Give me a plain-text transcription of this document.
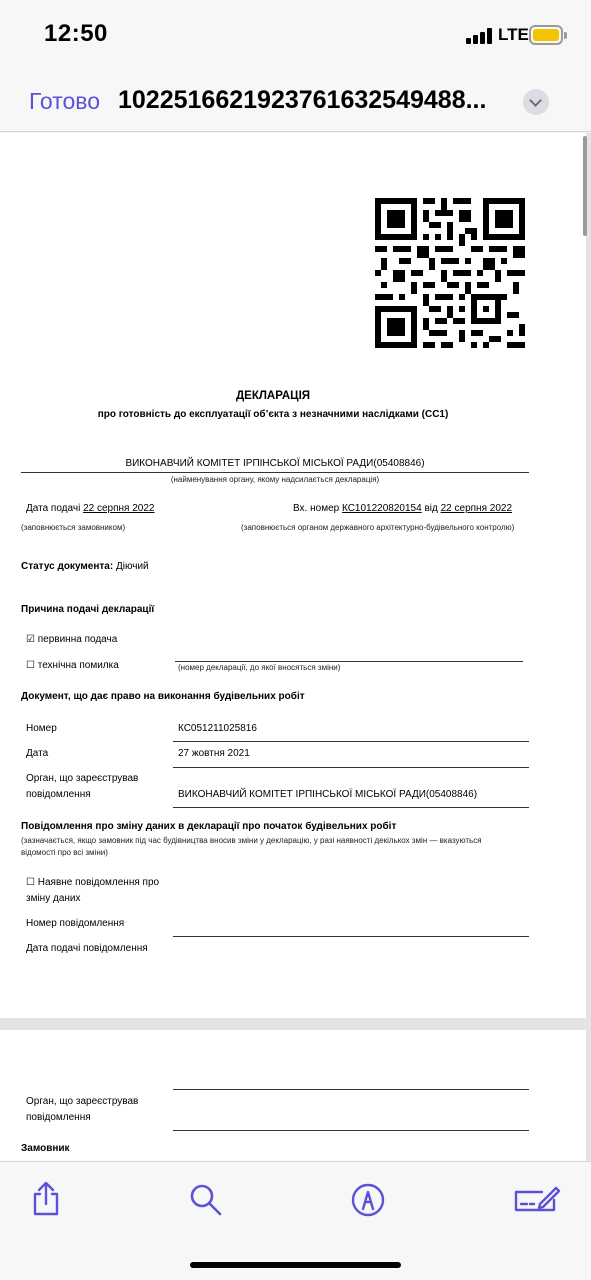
12:50	LTE
Готово 1022516621923761632549488...
ДЕКЛАРАЦІЯ
про готовність до експлуатації об’єкта з незначними наслідками (СС1)
ВИКОНАВЧИЙ КОМІТЕТ ІРПІНСЬКОЇ МІСЬКОЇ РАДИ(05408846)
(найменування органу, якому надсилається декларація)
Дата подачі 22 серпня 2022
(заповнюється замовником)
Вх. номер КС101220820154 від 22 серпня 2022
(заповнюється органом державного архітектурно-будівельного контролю)
Статус документа: Діючий
Причина подачі декларації
☑ первинна подача
☐ технічна помилка	(номер декларації, до якої вносяться зміни)
Документ, що дає право на виконання будівельних робіт
Номер	КС051211025816
Дата	27 жовтня 2021
Орган, що зареєстрував
повідомлення	ВИКОНАВЧИЙ КОМІТЕТ ІРПІНСЬКОЇ МІСЬКОЇ РАДИ(05408846)
Повідомлення про зміну даних в декларації про початок будівельних робіт
(зазначається, якщо замовник під час будівництва вносив зміни у декларацію, у разі наявності декількох змін — вказуються
відомості про всі зміни)
☐ Наявне повідомлення про
зміну даних
Номер повідомлення
Дата подачі повідомлення
Орган, що зареєстрував
повідомлення
Замовник
